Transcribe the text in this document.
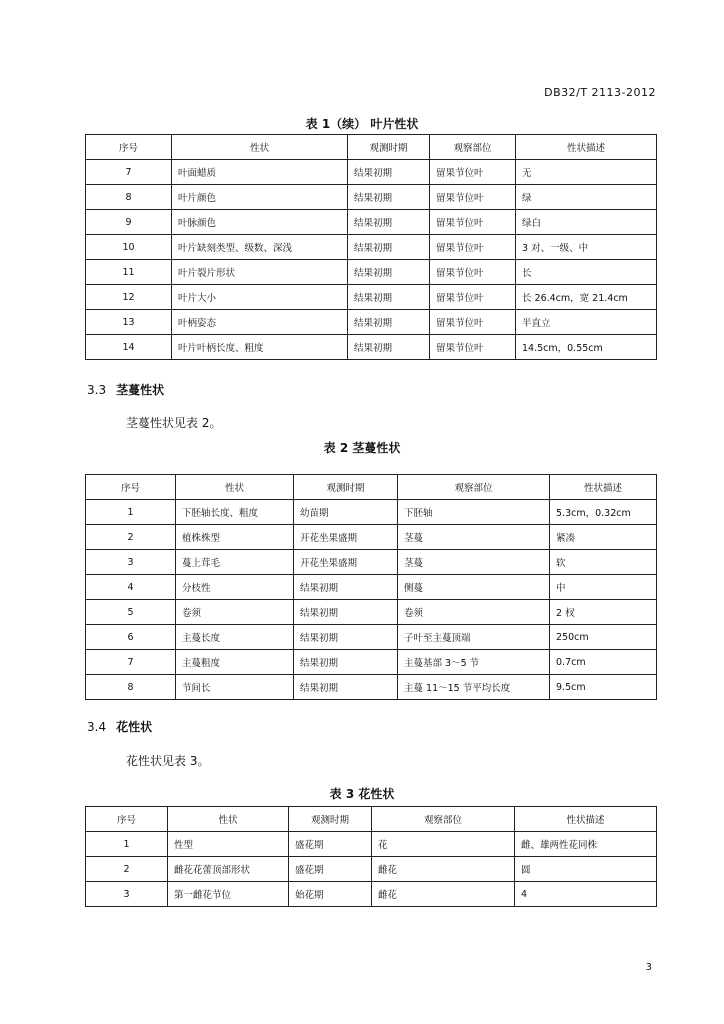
DB32/T 2113-2012
表 1（续） 叶片性状
序号	性状	观测时期	观察部位	性状描述
7	叶面蜡质	结果初期	留果节位叶	无
8	叶片颜色	结果初期	留果节位叶	绿
9	叶脉颜色	结果初期	留果节位叶	绿白
10	叶片缺刻类型、级数、深浅	结果初期	留果节位叶	3 对、一级、中
11	叶片裂片形状	结果初期	留果节位叶	长
12	叶片大小	结果初期	留果节位叶	长 26.4cm，宽 21.4cm
13	叶柄姿态	结果初期	留果节位叶	半直立
14	叶片叶柄长度、粗度	结果初期	留果节位叶	14.5cm，0.55cm
3.3 茎蔓性状
茎蔓性状见表 2。
表 2 茎蔓性状
序号	性状	观测时期	观察部位	性状描述
1	下胚轴长度、粗度	幼苗期	下胚轴	5.3cm，0.32cm
2	植株株型	开花坐果盛期	茎蔓	紧凑
3	蔓上茸毛	开花坐果盛期	茎蔓	软
4	分枝性	结果初期	侧蔓	中
5	卷须	结果初期	卷须	2 杈
6	主蔓长度	结果初期	子叶至主蔓顶端	250cm
7	主蔓粗度	结果初期	主蔓基部 3～5 节	0.7cm
8	节间长	结果初期	主蔓 11～15 节平均长度	9.5cm
3.4 花性状
花性状见表 3。
表 3 花性状
序号	性状	观测时期	观察部位	性状描述
1	性型	盛花期	花	雌、雄两性花同株
2	雌花花蕾顶部形状	盛花期	雌花	圆
3	第一雌花节位	始花期	雌花	4
3
